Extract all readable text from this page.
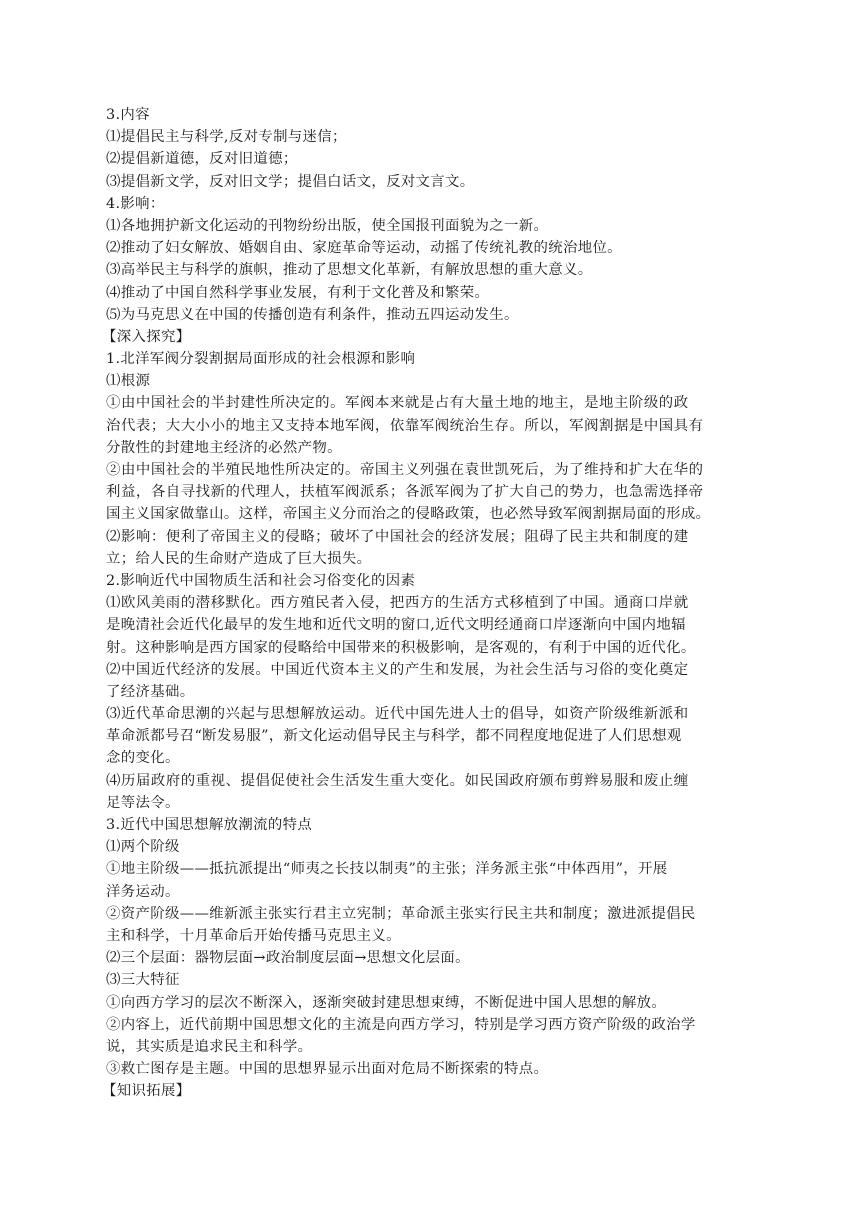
3.内容
⑴提倡民主与科学,反对专制与迷信；
⑵提倡新道德，反对旧道德；
⑶提倡新文学，反对旧文学；提倡白话文，反对文言文。
4.影响：
⑴各地拥护新文化运动的刊物纷纷出版，使全国报刊面貌为之一新。
⑵推动了妇女解放、婚姻自由、家庭革命等运动，动摇了传统礼教的统治地位。
⑶高举民主与科学的旗帜，推动了思想文化革新，有解放思想的重大意义。
⑷推动了中国自然科学事业发展，有利于文化普及和繁荣。
⑸为马克思义在中国的传播创造有利条件，推动五四运动发生。
【深入探究】
1.北洋军阀分裂割据局面形成的社会根源和影响
⑴根源
①由中国社会的半封建性所决定的。军阀本来就是占有大量土地的地主，是地主阶级的政
治代表；大大小小的地主又支持本地军阀，依靠军阀统治生存。所以，军阀割据是中国具有
分散性的封建地主经济的必然产物。
②由中国社会的半殖民地性所决定的。帝国主义列强在袁世凯死后，为了维持和扩大在华的
利益，各自寻找新的代理人，扶植军阀派系；各派军阀为了扩大自己的势力，也急需选择帝
国主义国家做靠山。这样，帝国主义分而治之的侵略政策，也必然导致军阀割据局面的形成。
⑵影响：便利了帝国主义的侵略；破坏了中国社会的经济发展；阻碍了民主共和制度的建
立；给人民的生命财产造成了巨大损失。
2.影响近代中国物质生活和社会习俗变化的因素
⑴欧风美雨的潜移默化。西方殖民者入侵，把西方的生活方式移植到了中国。通商口岸就
是晚清社会近代化最早的发生地和近代文明的窗口,近代文明经通商口岸逐渐向中国内地辐
射。这种影响是西方国家的侵略给中国带来的积极影响，是客观的，有利于中国的近代化。
⑵中国近代经济的发展。中国近代资本主义的产生和发展，为社会生活与习俗的变化奠定
了经济基础。
⑶近代革命思潮的兴起与思想解放运动。近代中国先进人士的倡导，如资产阶级维新派和
革命派都号召“断发易服”，新文化运动倡导民主与科学，都不同程度地促进了人们思想观
念的变化。
⑷历届政府的重视、提倡促使社会生活发生重大变化。如民国政府颁布剪辫易服和废止缠
足等法令。
3.近代中国思想解放潮流的特点
⑴两个阶级
①地主阶级——抵抗派提出“师夷之长技以制夷”的主张；洋务派主张“中体西用”，开展
洋务运动。
②资产阶级——维新派主张实行君主立宪制；革命派主张实行民主共和制度；激进派提倡民
主和科学，十月革命后开始传播马克思主义。
⑵三个层面：器物层面→政治制度层面→思想文化层面。
⑶三大特征
①向西方学习的层次不断深入，逐渐突破封建思想束缚，不断促进中国人思想的解放。
②内容上，近代前期中国思想文化的主流是向西方学习，特别是学习西方资产阶级的政治学
说，其实质是追求民主和科学。
③救亡图存是主题。中国的思想界显示出面对危局不断探索的特点。
【知识拓展】
